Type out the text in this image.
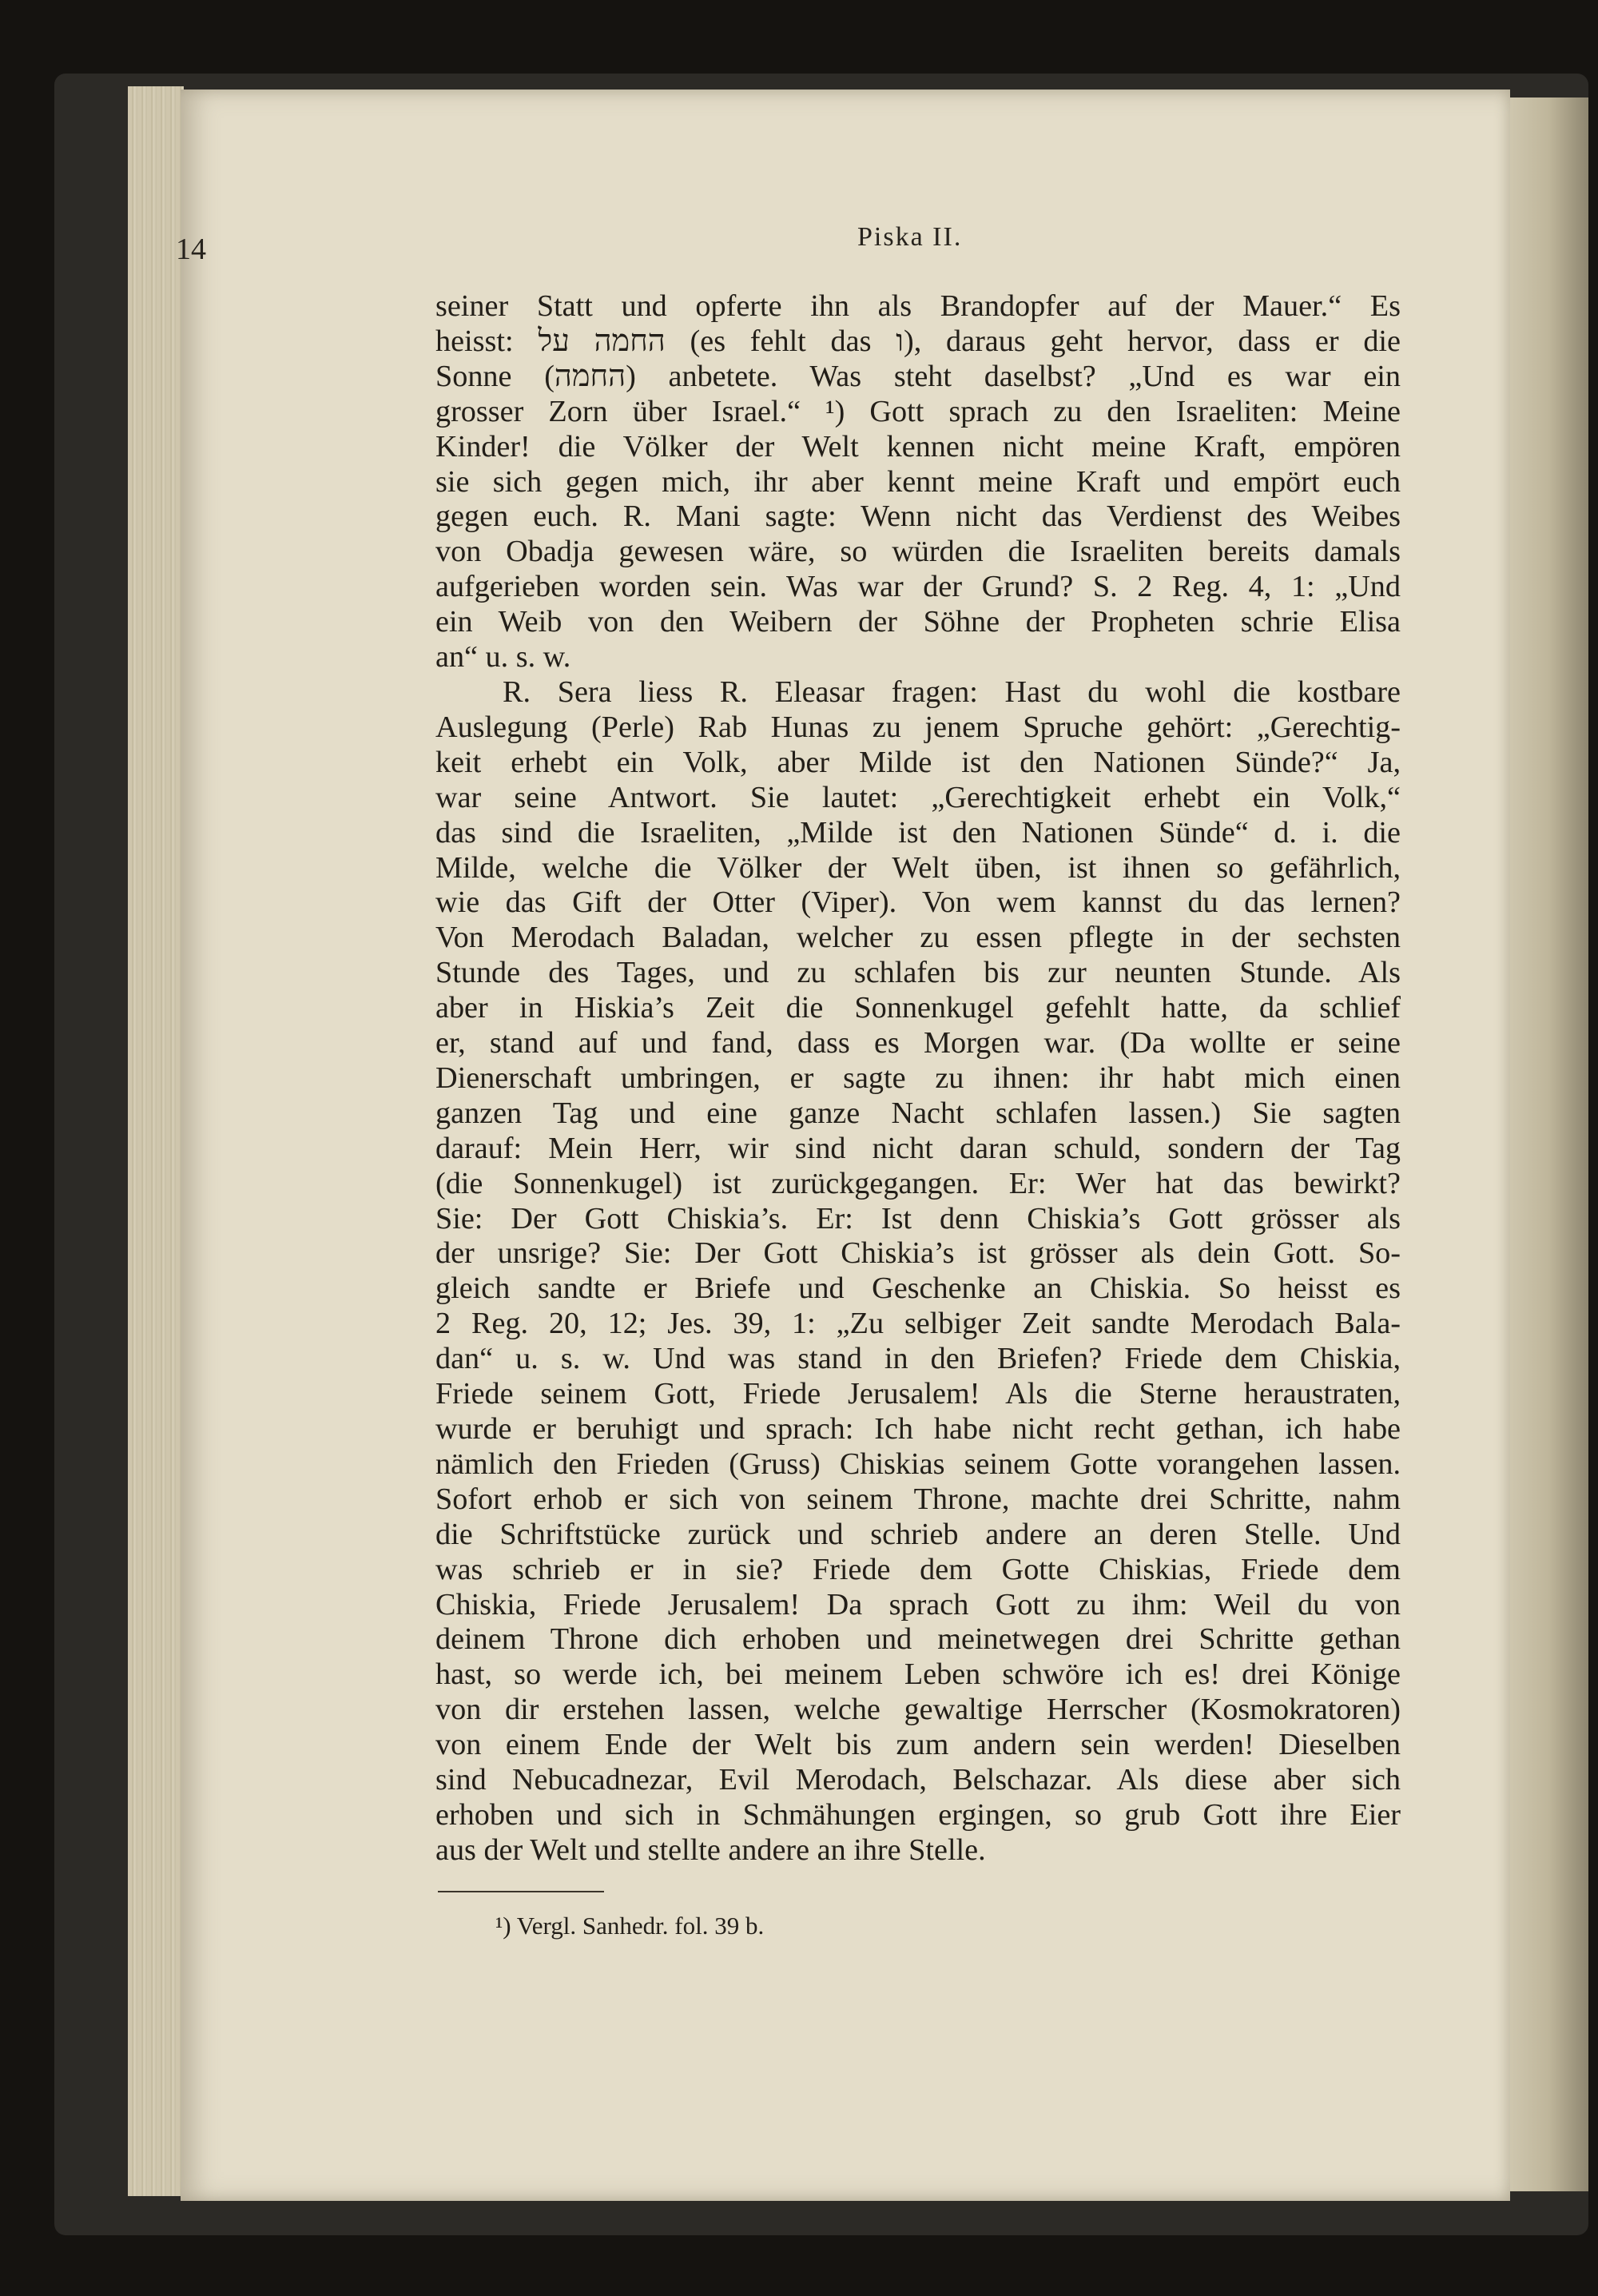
14	Piska II.
seiner Statt und opferte ihn als Brandopfer auf der Mauer.“ Es
heisst: החמה על (es fehlt das ו), daraus geht hervor, dass er die
Sonne (החמה) anbetete. Was steht daselbst? „Und es war ein
grosser Zorn über Israel.“ ¹) Gott sprach zu den Israeliten: Meine
Kinder! die Völker der Welt kennen nicht meine Kraft, empören
sie sich gegen mich, ihr aber kennt meine Kraft und empört euch
gegen euch. R. Mani sagte: Wenn nicht das Verdienst des Weibes
von Obadja gewesen wäre, so würden die Israeliten bereits damals
aufgerieben worden sein. Was war der Grund? S. 2 Reg. 4, 1: „Und
ein Weib von den Weibern der Söhne der Propheten schrie Elisa
an“ u. s. w.
R. Sera liess R. Eleasar fragen: Hast du wohl die kostbare
Auslegung (Perle) Rab Hunas zu jenem Spruche gehört: „Gerechtig-
keit erhebt ein Volk, aber Milde ist den Nationen Sünde?“ Ja,
war seine Antwort. Sie lautet: „Gerechtigkeit erhebt ein Volk,“
das sind die Israeliten, „Milde ist den Nationen Sünde“ d. i. die
Milde, welche die Völker der Welt üben, ist ihnen so gefährlich,
wie das Gift der Otter (Viper). Von wem kannst du das lernen?
Von Merodach Baladan, welcher zu essen pflegte in der sechsten
Stunde des Tages, und zu schlafen bis zur neunten Stunde. Als
aber in Hiskia’s Zeit die Sonnenkugel gefehlt hatte, da schlief
er, stand auf und fand, dass es Morgen war. (Da wollte er seine
Dienerschaft umbringen, er sagte zu ihnen: ihr habt mich einen
ganzen Tag und eine ganze Nacht schlafen lassen.) Sie sagten
darauf: Mein Herr, wir sind nicht daran schuld, sondern der Tag
(die Sonnenkugel) ist zurückgegangen. Er: Wer hat das bewirkt?
Sie: Der Gott Chiskia’s. Er: Ist denn Chiskia’s Gott grösser als
der unsrige? Sie: Der Gott Chiskia’s ist grösser als dein Gott. So-
gleich sandte er Briefe und Geschenke an Chiskia. So heisst es
2 Reg. 20, 12; Jes. 39, 1: „Zu selbiger Zeit sandte Merodach Bala-
dan“ u. s. w. Und was stand in den Briefen? Friede dem Chiskia,
Friede seinem Gott, Friede Jerusalem! Als die Sterne heraustraten,
wurde er beruhigt und sprach: Ich habe nicht recht gethan, ich habe
nämlich den Frieden (Gruss) Chiskias seinem Gotte vorangehen lassen.
Sofort erhob er sich von seinem Throne, machte drei Schritte, nahm
die Schriftstücke zurück und schrieb andere an deren Stelle. Und
was schrieb er in sie? Friede dem Gotte Chiskias, Friede dem
Chiskia, Friede Jerusalem! Da sprach Gott zu ihm: Weil du von
deinem Throne dich erhoben und meinetwegen drei Schritte gethan
hast, so werde ich, bei meinem Leben schwöre ich es! drei Könige
von dir erstehen lassen, welche gewaltige Herrscher (Kosmokratoren)
von einem Ende der Welt bis zum andern sein werden! Dieselben
sind Nebucadnezar, Evil Merodach, Belschazar. Als diese aber sich
erhoben und sich in Schmähungen ergingen, so grub Gott ihre Eier
aus der Welt und stellte andere an ihre Stelle.
¹) Vergl. Sanhedr. fol. 39 b.
